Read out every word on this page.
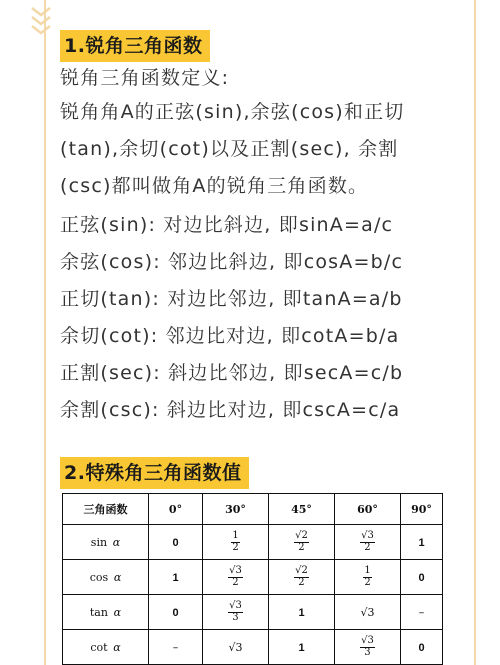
1.锐角三角函数
锐角三角函数定义:
锐角角A的正弦(sin),余弦(cos)和正切
(tan),余切(cot)以及正割(sec), 余割
(csc)都叫做角A的锐角三角函数。
正弦(sin): 对边比斜边, 即sinA=a/c
余弦(cos): 邻边比斜边, 即cosA=b/c
正切(tan): 对边比邻边, 即tanA=a/b
余切(cot): 邻边比对边, 即cotA=b/a
正割(sec): 斜边比邻边, 即secA=c/b
余割(csc): 斜边比对边, 即cscA=c/a
2.特殊角三角函数值
三角函数	0°	30°	45°	60°	90°
sin  α	0	$\frac{1}{2}$	$\frac{√2}{2}$	$\frac{√3}{2}$	1
cos  α	1	$\frac{√3}{2}$	$\frac{√2}{2}$	$\frac{1}{2}$	0
tan  α	0	$\frac{√3}{3}$	1	√3	–
cot  α	–	√3	1	$\frac{√3}{3}$	0
